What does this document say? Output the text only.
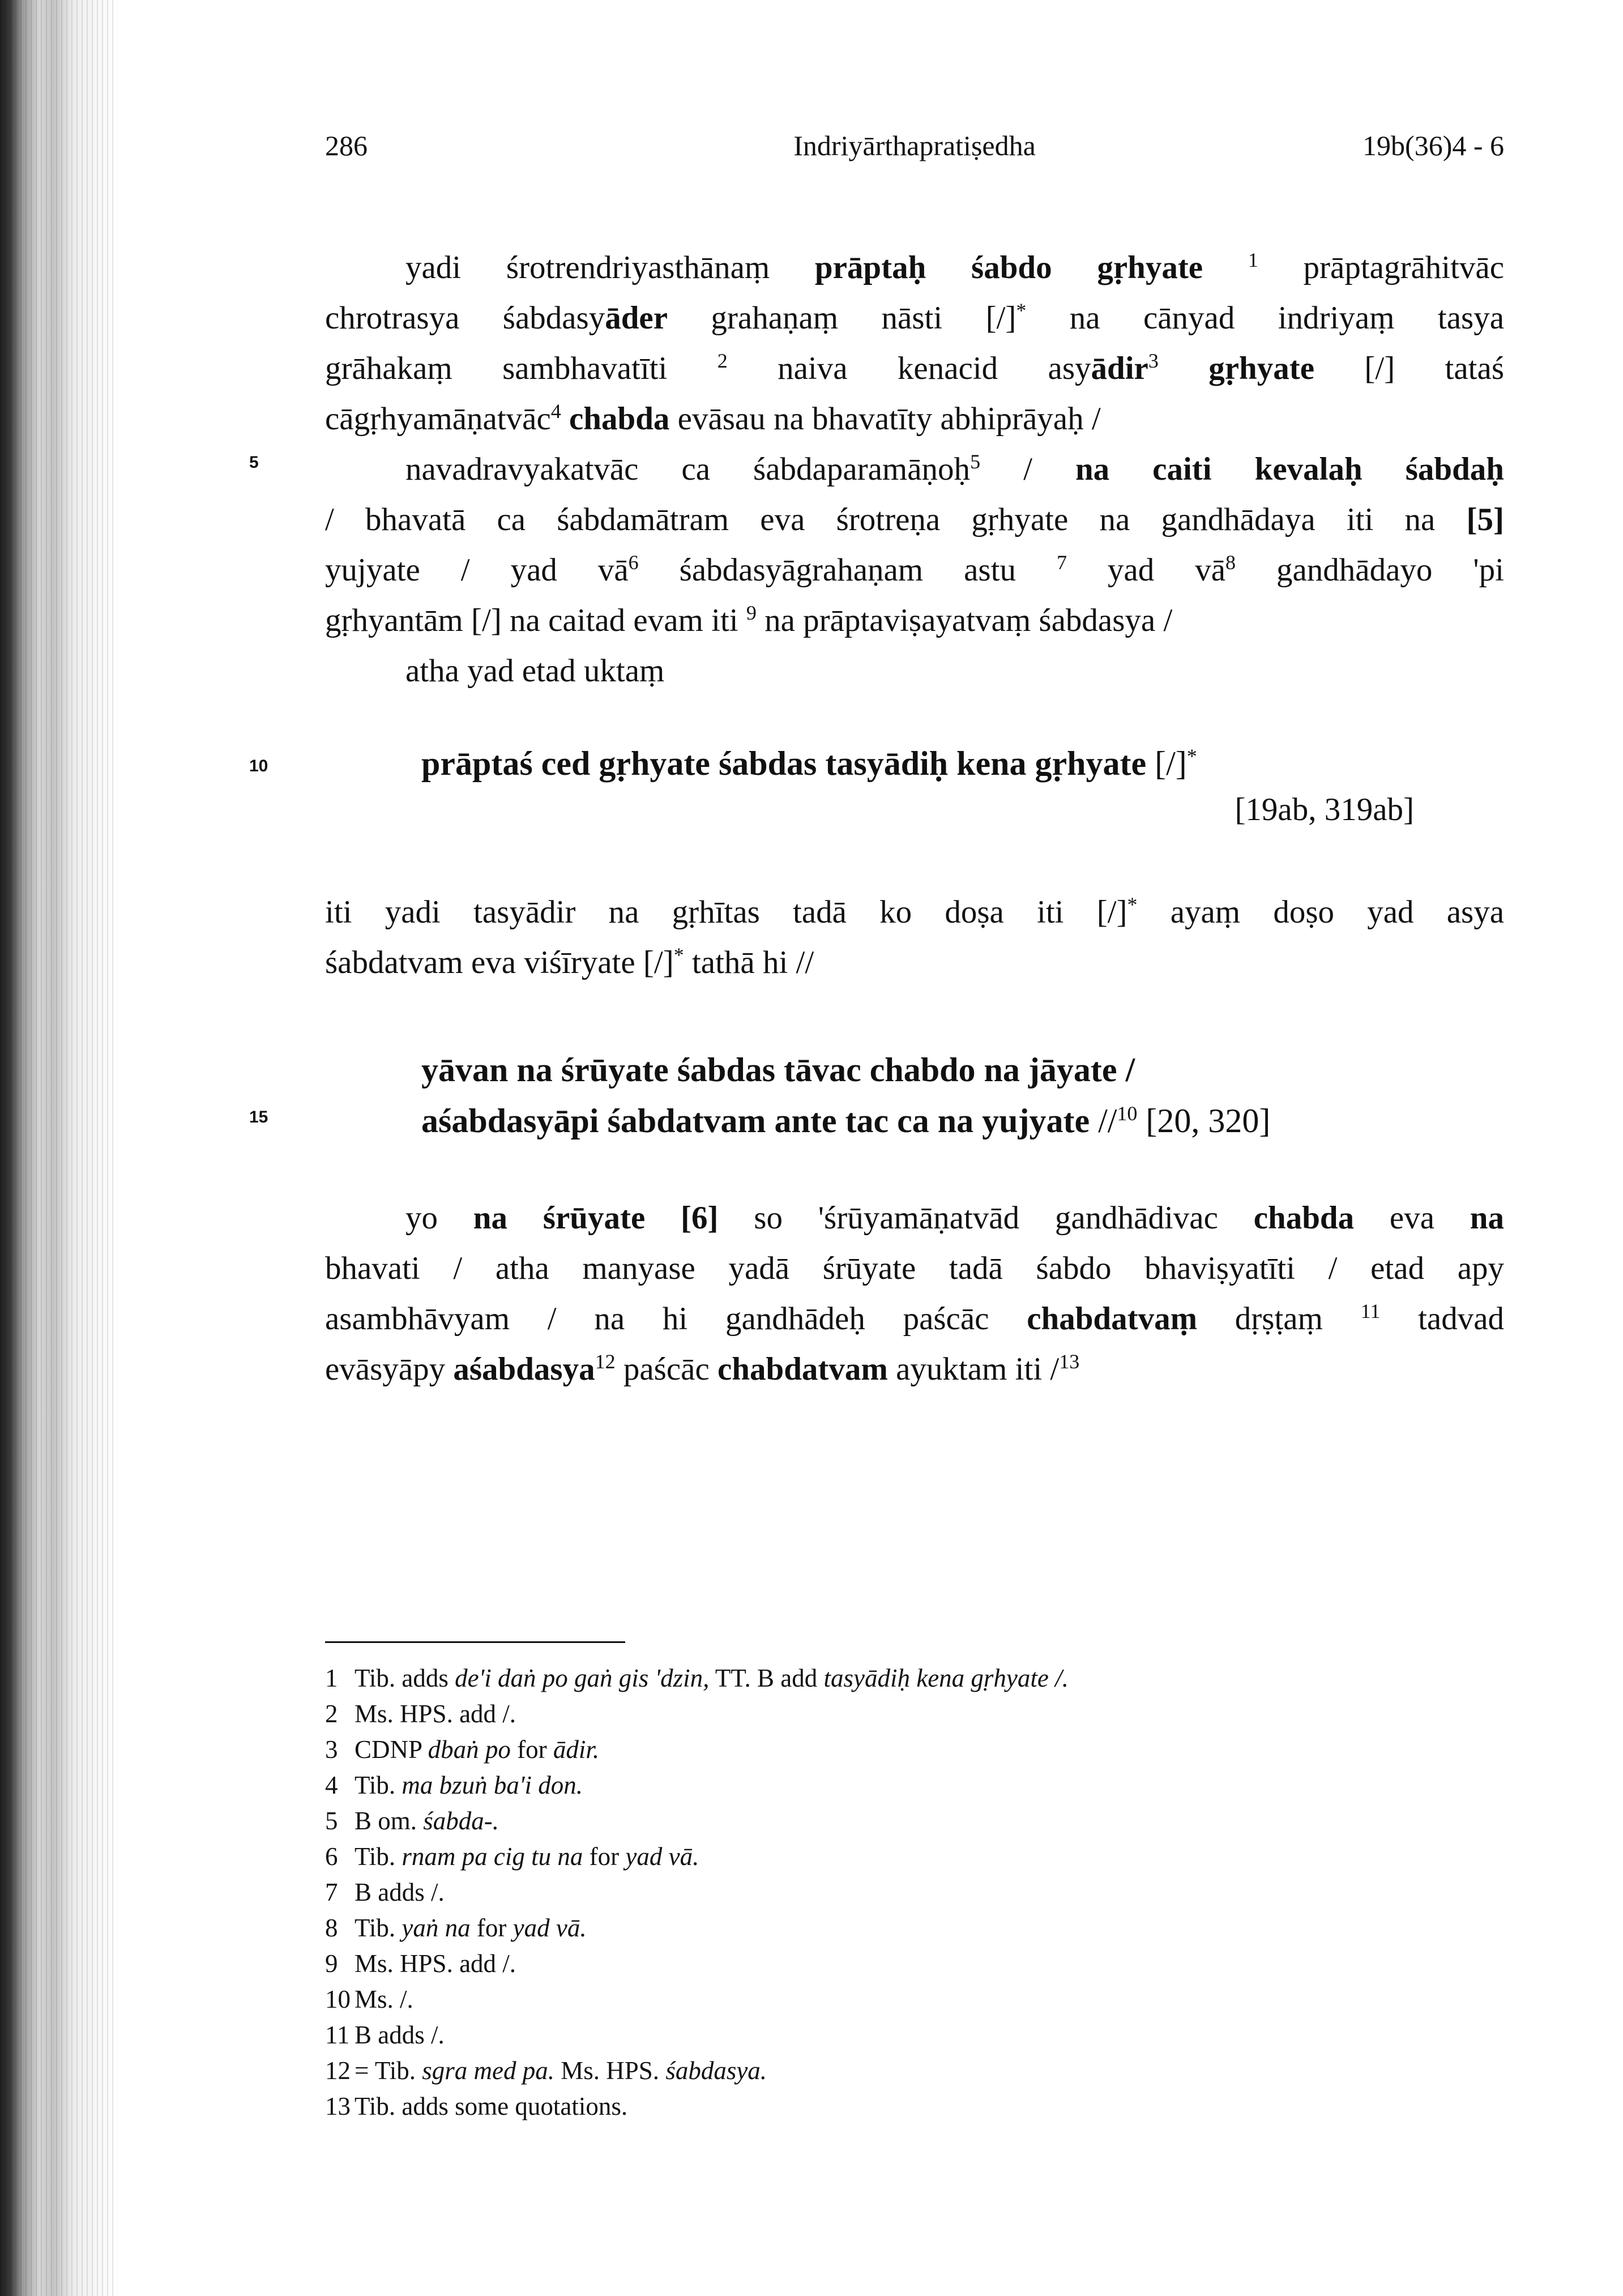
286	Indriyārthapratiṣedha	19b(36)4 - 6
5
10
15
yadi śrotrendriyasthānaṃ prāptaḥ śabdo gṛhyate $^1$ prāptagrāhitvāc
chrotrasya śabdasyāder grahaṇaṃ nāsti [/]* na cānyad indriyaṃ tasya
grāhakaṃ sambhavatīti $^2$ naiva kenacid asyādir$^3$ gṛhyate [/] tataś
cāgṛhyamāṇatvāc$^4$ chabda evāsau na bhavatīty abhiprāyaḥ /
navadravyakatvāc ca śabdaparamāṇoḥ$^5$ / na caiti kevalaḥ śabdaḥ
/ bhavatā ca śabdamātram eva śrotreṇa gṛhyate na gandhādaya iti na [5]
yujyate / yad $vā^6$ śabdasyāgrahaṇam astu $^7$ yad $vā^8$ gandhādayo 'pi
gṛhyantām [/] na caitad evam iti $^9$ na prāptaviṣayatvaṃ śabdasya /
atha yad etad uktaṃ
prāptaś ced gṛhyate śabdas tasyādiḥ kena gṛhyate [/]*
[19ab, 319ab]
iti yadi tasyādir na gṛhītas tadā ko doṣa iti [/]* ayaṃ doṣo yad asya
śabdatvam eva viśīryate [/]* tathā hi //
yāvan na śrūyate śabdas tāvac chabdo na jāyate /
aśabdasyāpi śabdatvam ante tac ca na yujyate //$^{10}$ [20, 320]
yo na śrūyate [6] so 'śrūyamāṇatvād gandhādivac chabda eva na
bhavati / atha manyase yadā śrūyate tadā śabdo bhaviṣyatīti / etad apy
asambhāvyam / na hi gandhādeḥ paścāc chabdatvaṃ dṛṣṭaṃ $^{11}$ tadvad
evāsyāpy aśabdasya$^{12}$ paścāc chabdatvam ayuktam iti /$^{13}$
1 Tib. adds de'i daṅ po gaṅ gis 'dzin, TT. B add tasyādiḥ kena gṛhyate /.
2 Ms. HPS. add /.
3 CDNP dbaṅ po for ādir.
4 Tib. ma bzuṅ ba'i don.
5 B om. śabda-.
6 Tib. rnam pa cig tu na for yad vā.
7 B adds /.
8 Tib. yaṅ na for yad vā.
9 Ms. HPS. add /.
10 Ms. /.
11 B adds /.
12 = Tib. sgra med pa. Ms. HPS. śabdasya.
13 Tib. adds some quotations.
